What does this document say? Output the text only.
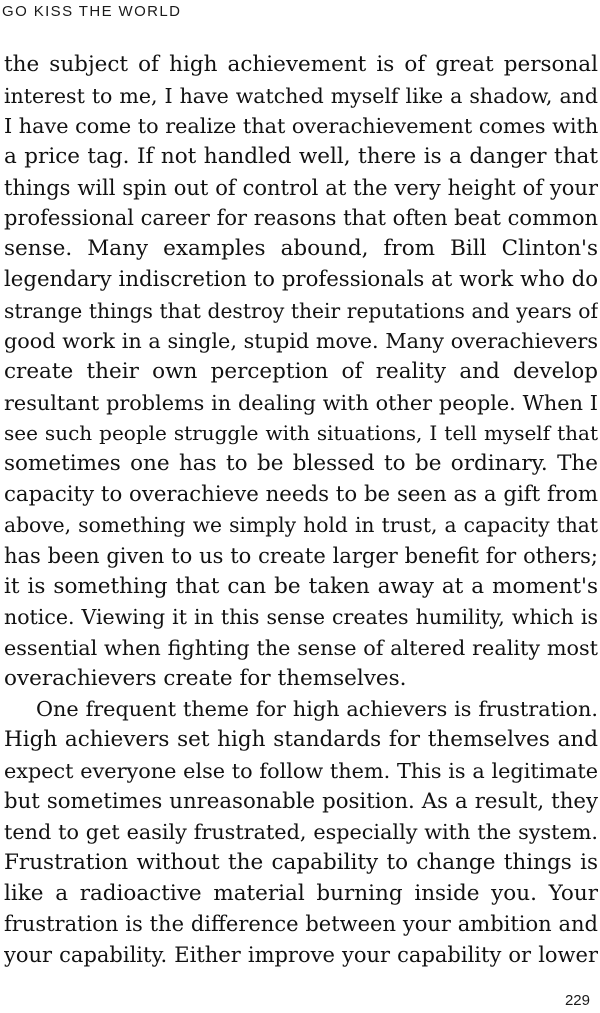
GO KISS THE WORLD
the subject of high achievement is of great personal
interest to me, I have watched myself like a shadow, and
I have come to realize that overachievement comes with
a price tag. If not handled well, there is a danger that
things will spin out of control at the very height of your
professional career for reasons that often beat common
sense. Many examples abound, from Bill Clinton's
legendary indiscretion to professionals at work who do
strange things that destroy their reputations and years of
good work in a single, stupid move. Many overachievers
create their own perception of reality and develop
resultant problems in dealing with other people. When I
see such people struggle with situations, I tell myself that
sometimes one has to be blessed to be ordinary. The
capacity to overachieve needs to be seen as a gift from
above, something we simply hold in trust, a capacity that
has been given to us to create larger benefit for others;
it is something that can be taken away at a moment's
notice. Viewing it in this sense creates humility, which is
essential when fighting the sense of altered reality most
overachievers create for themselves.
One frequent theme for high achievers is frustration.
High achievers set high standards for themselves and
expect everyone else to follow them. This is a legitimate
but sometimes unreasonable position. As a result, they
tend to get easily frustrated, especially with the system.
Frustration without the capability to change things is
like a radioactive material burning inside you. Your
frustration is the difference between your ambition and
your capability. Either improve your capability or lower
229
